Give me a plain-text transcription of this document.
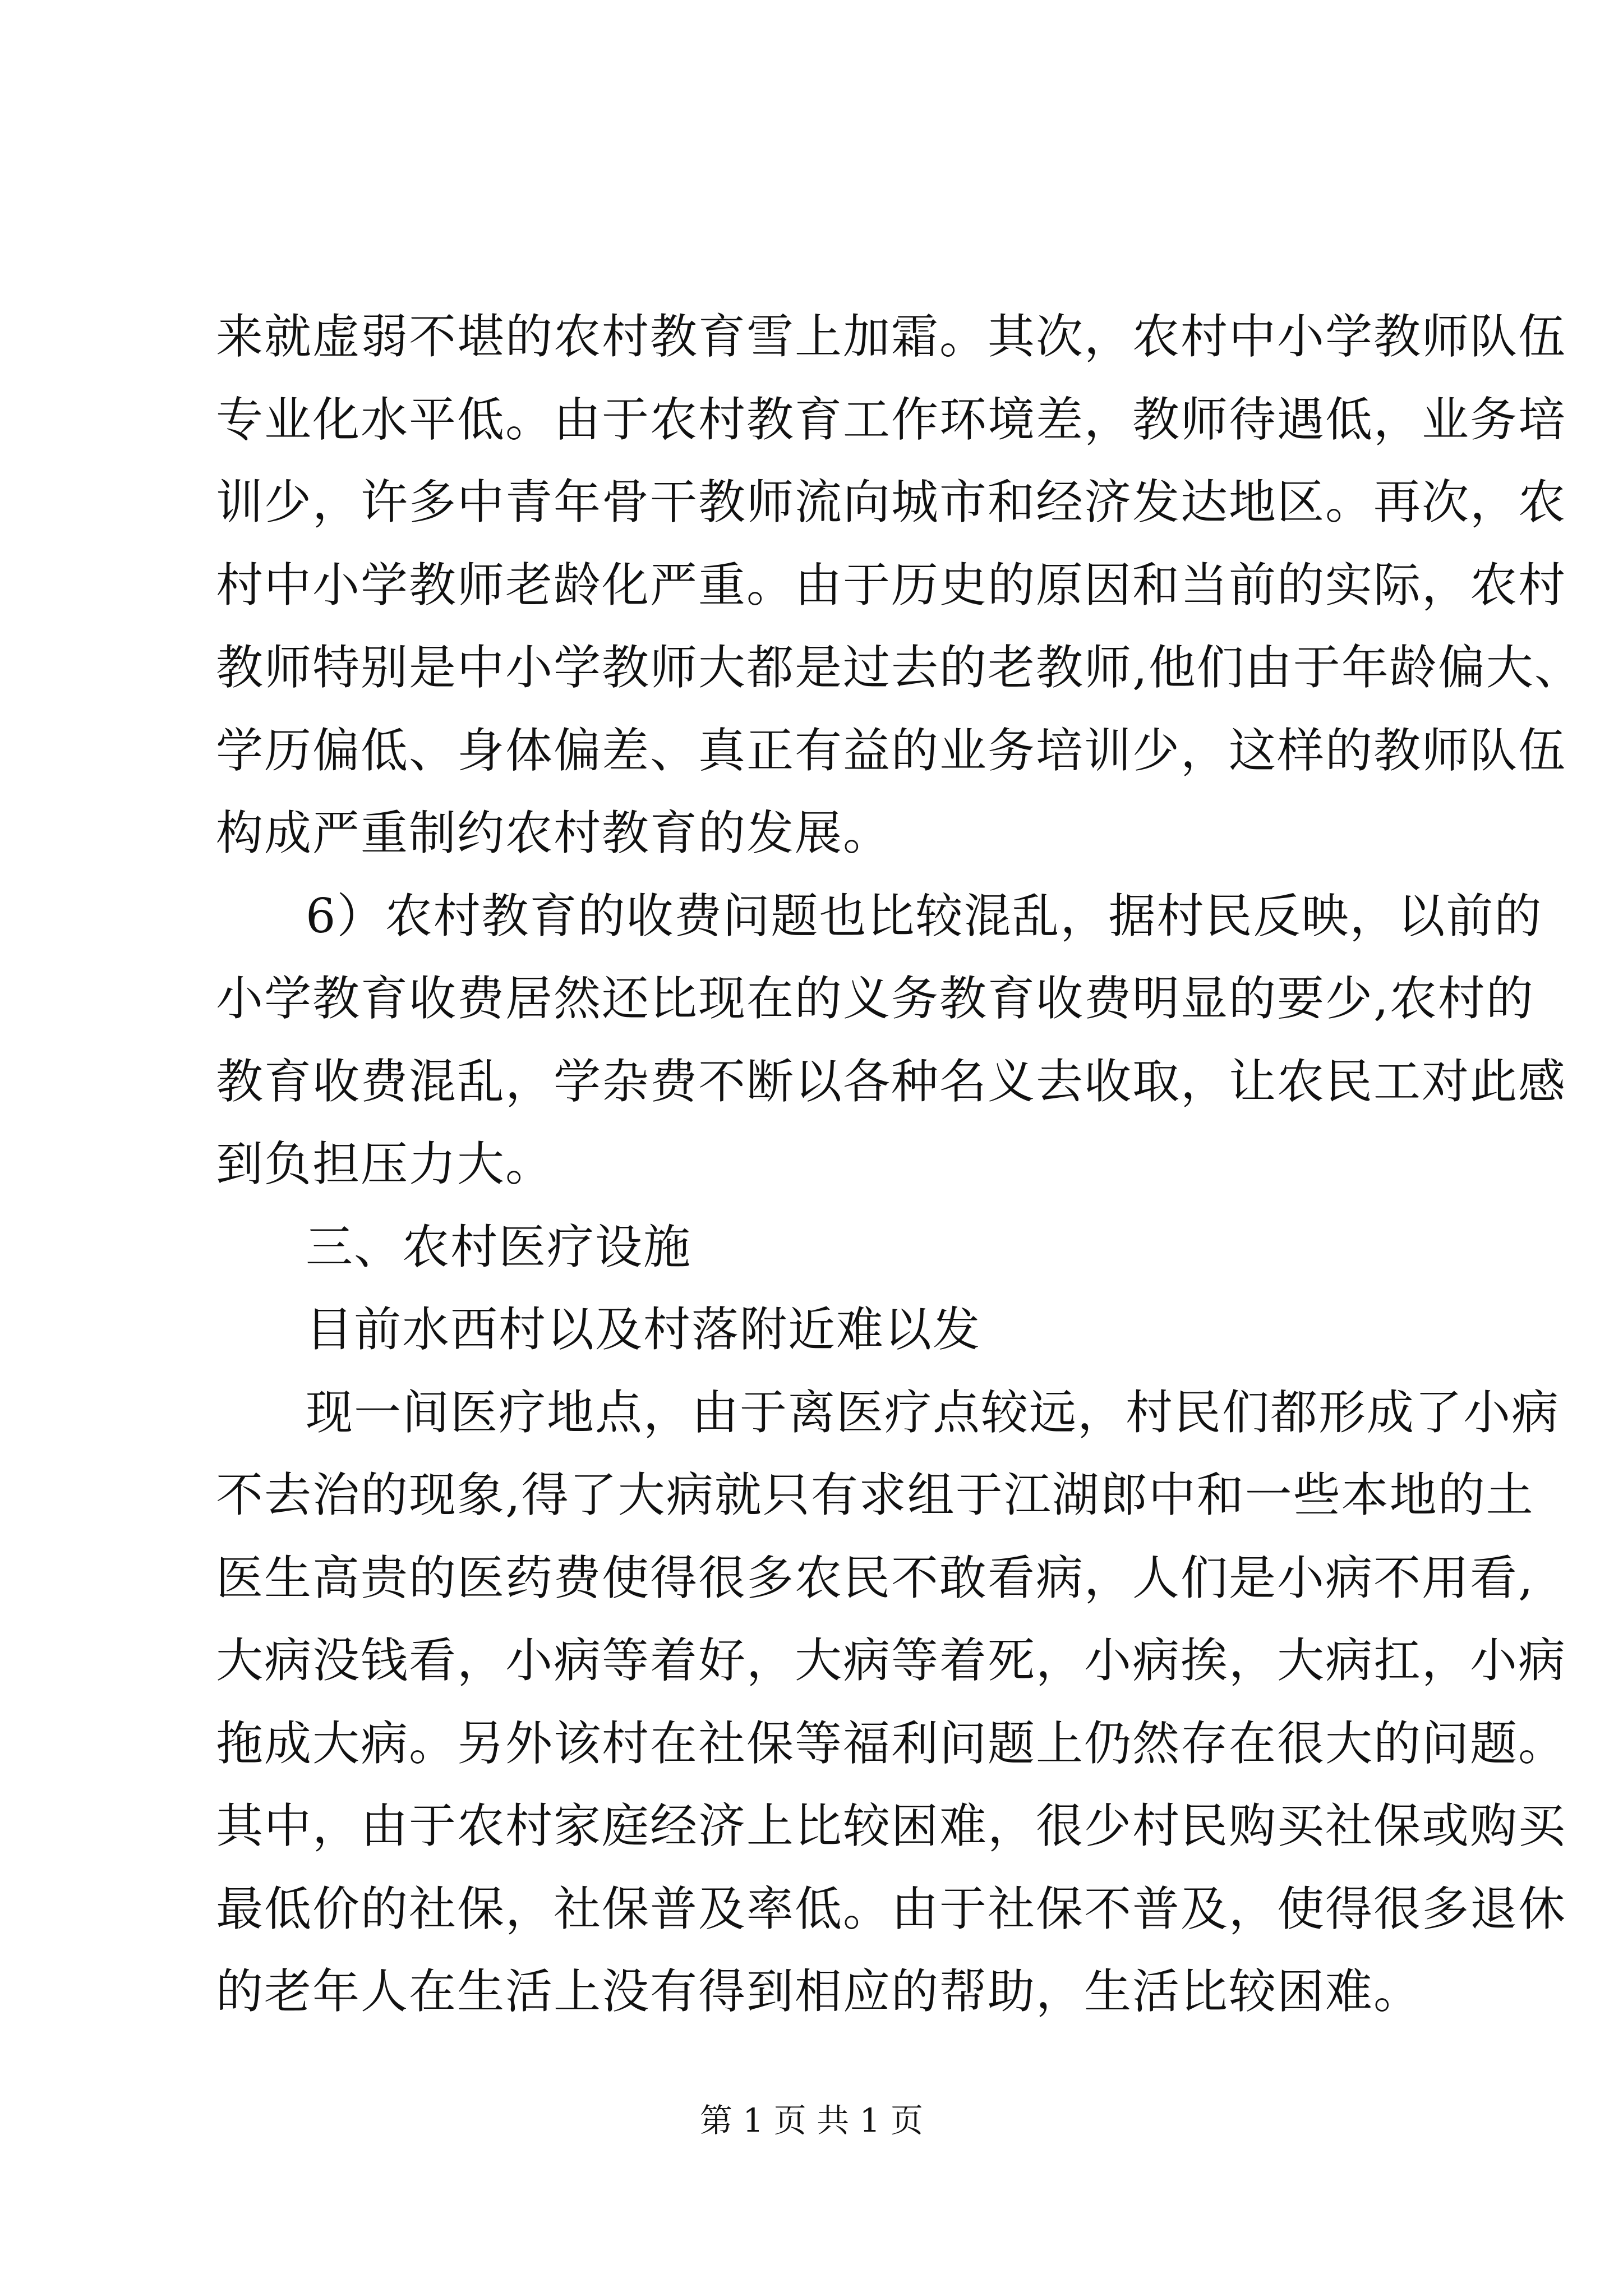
来就虚弱不堪的农村教育雪上加霜。其次，农村中小学教师队伍
专业化水平低。由于农村教育工作环境差，教师待遇低，业务培
训少，许多中青年骨干教师流向城市和经济发达地区。再次，农
村中小学教师老龄化严重。由于历史的原因和当前的实际，农村
教师特别是中小学教师大都是过去的老教师,他们由于年龄偏大、
学历偏低、身体偏差、真正有益的业务培训少，这样的教师队伍
构成严重制约农村教育的发展。
6）农村教育的收费问题也比较混乱，据村民反映，以前的
小学教育收费居然还比现在的义务教育收费明显的要少,农村的
教育收费混乱，学杂费不断以各种名义去收取，让农民工对此感
到负担压力大。
三、农村医疗设施
目前水西村以及村落附近难以发
现一间医疗地点，由于离医疗点较远，村民们都形成了小病
不去治的现象,得了大病就只有求组于江湖郎中和一些本地的土
医生高贵的医药费使得很多农民不敢看病，人们是小病不用看,
大病没钱看，小病等着好，大病等着死，小病挨，大病扛，小病
拖成大病。另外该村在社保等福利问题上仍然存在很大的问题。
其中，由于农村家庭经济上比较困难，很少村民购买社保或购买
最低价的社保，社保普及率低。由于社保不普及，使得很多退休
的老年人在生活上没有得到相应的帮助，生活比较困难。
第 1 页 共 1 页
